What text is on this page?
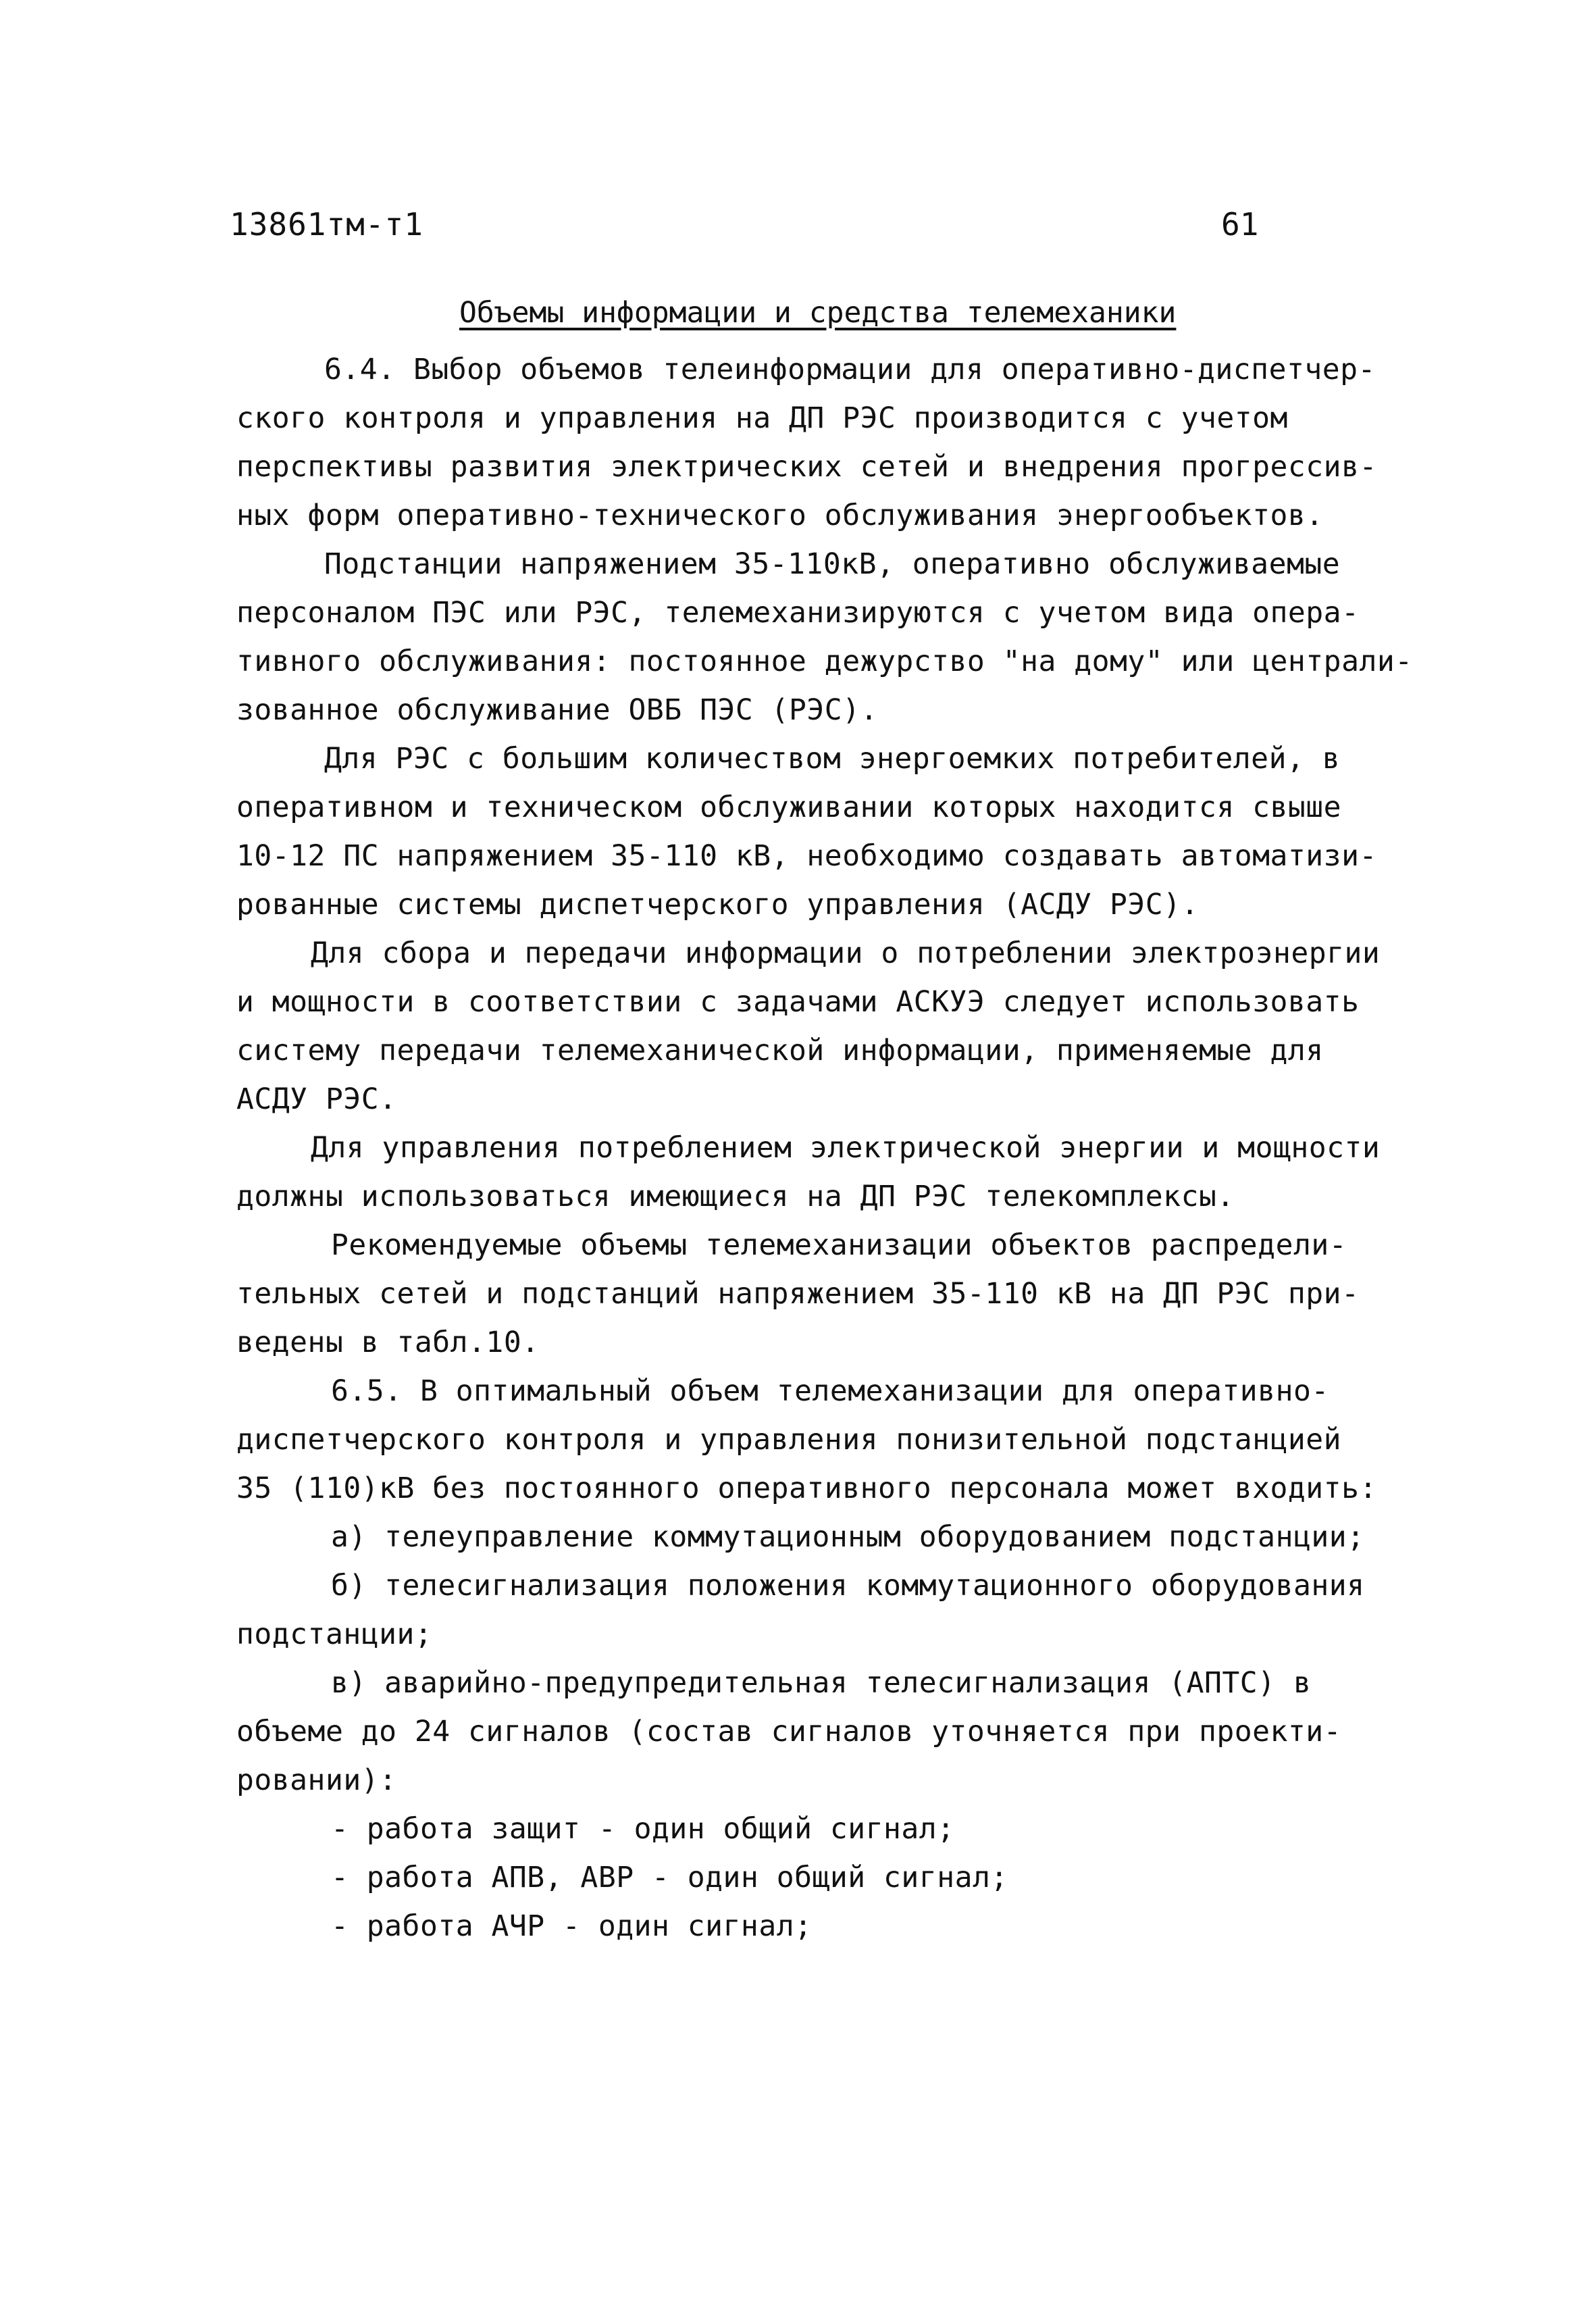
13861тм-т1	61
Объемы информации и средства телемеханики
6.4. Выбор объемов телеинформации для оперативно-диспетчер-
ского контроля и управления на ДП РЭС производится с учетом
перспективы развития электрических сетей и внедрения прогрессив-
ных форм оперативно-технического обслуживания энергообъектов.
Подстанции напряжением 35-110кВ, оперативно обслуживаемые
персоналом ПЭС или РЭС, телемеханизируются с учетом вида опера-
тивного обслуживания: постоянное дежурство "на дому" или централи-
зованное обслуживание ОВБ ПЭС (РЭС).
Для РЭС с большим количеством энергоемких потребителей, в
оперативном и техническом обслуживании которых находится свыше
10-12 ПС напряжением 35-110 кВ, необходимо создавать автоматизи-
рованные системы диспетчерского управления (АСДУ РЭС).
Для сбора и передачи информации о потреблении электроэнергии
и мощности в соответствии с задачами АСКУЭ следует использовать
систему передачи телемеханической информации, применяемые для
АСДУ РЭС.
Для управления потреблением электрической энергии и мощности
должны использоваться имеющиеся на ДП РЭС телекомплексы.
Рекомендуемые объемы телемеханизации объектов распредели-
тельных сетей и подстанций напряжением 35-110 кВ на ДП РЭС при-
ведены в табл.10.
6.5. В оптимальный объем телемеханизации для оперативно-
диспетчерского контроля и управления понизительной подстанцией
35 (110)кВ без постоянного оперативного персонала может входить:
а) телеуправление коммутационным оборудованием подстанции;
б) телесигнализация положения коммутационного оборудования
подстанции;
в) аварийно-предупредительная телесигнализация (АПТС) в
объеме до 24 сигналов (состав сигналов уточняется при проекти-
ровании):
- работа защит - один общий сигнал;
- работа АПВ, АВР - один общий сигнал;
- работа АЧР - один сигнал;
